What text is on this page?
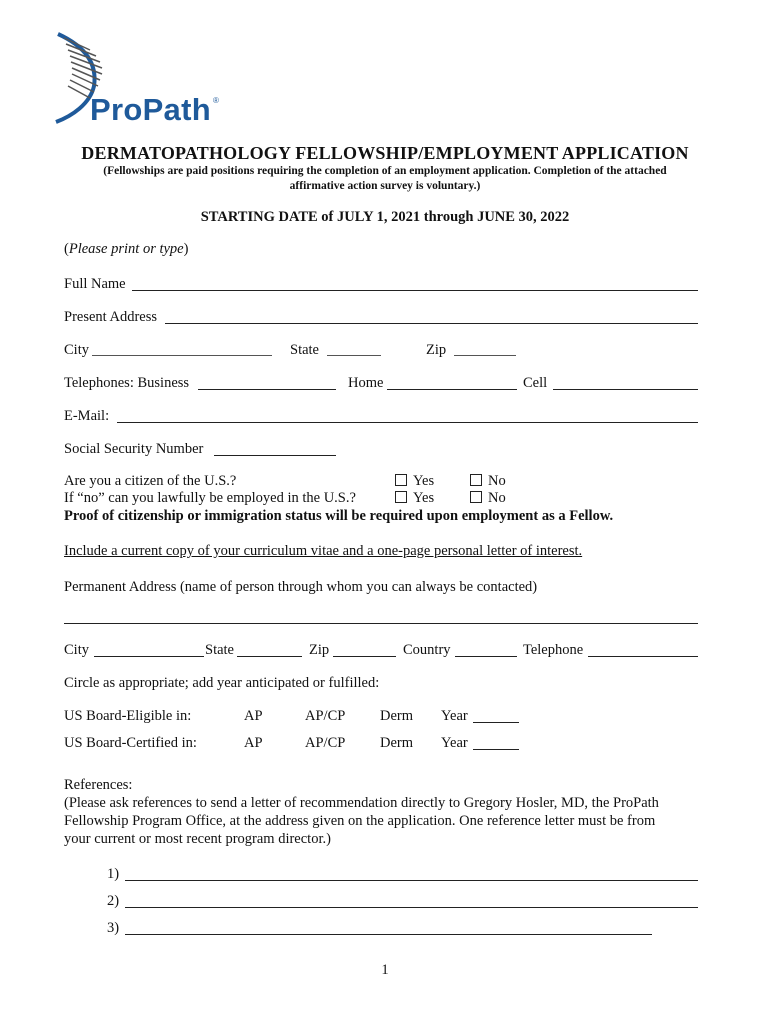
ProPath ®
DERMATOPATHOLOGY FELLOWSHIP/EMPLOYMENT APPLICATION
(Fellowships are paid positions requiring the completion of an employment application. Completion of the attached
affirmative action survey is voluntary.)
STARTING DATE of JULY 1, 2021 through JUNE 30, 2022
(Please print or type)
Full Name
Present Address
City	State	Zip
Telephones: Business	Home	Cell
E-Mail:
Social Security Number
Are you a citizen of the U.S.?	Yes	No
If “no” can you lawfully be employed in the U.S.?	Yes	No
Proof of citizenship or immigration status will be required upon employment as a Fellow.
Include a current copy of your curriculum vitae and a one-page personal letter of interest.
Permanent Address (name of person through whom you can always be contacted)
City	State	Zip	Country	Telephone
Circle as appropriate; add year anticipated or fulfilled:
US Board-Eligible in:	AP	AP/CP Derm Year
US Board-Certified in:	AP	AP/CP Derm Year
References:
(Please ask references to send a letter of recommendation directly to Gregory Hosler, MD, the ProPath
Fellowship Program Office, at the address given on the application. One reference letter must be from
your current or most recent program director.)
1)
2)
3)
1
